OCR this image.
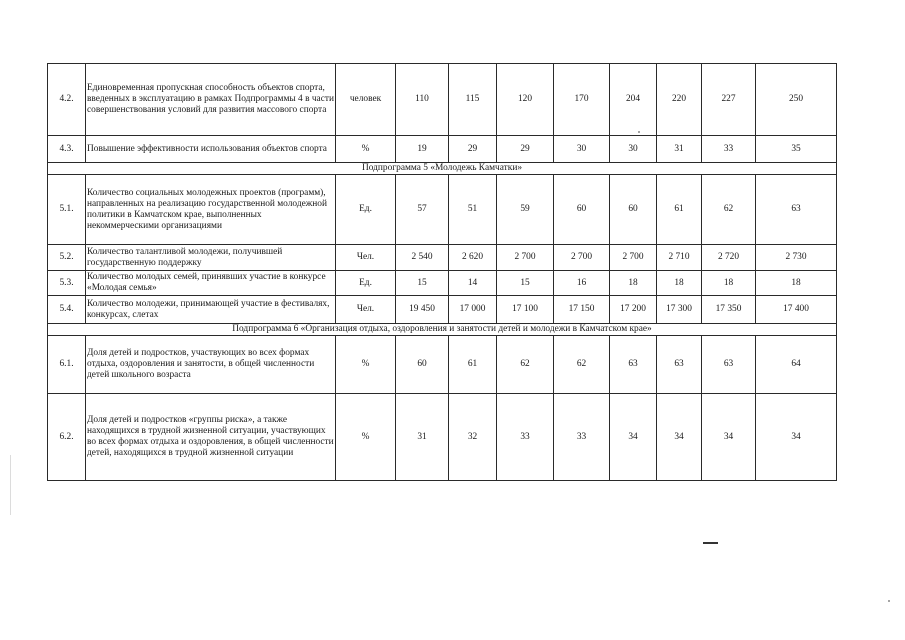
4.2.	Единовременная пропускная способность объектов спорта, введенных в эксплуатацию в рамках Подпрограммы 4 в части совершенствования условий для развития массового спорта	человек	110	115	120	170	204	220	227	250
4.3.	Повышение эффективности использования объектов спорта	%	19	29	29	30	30	31	33	35
Подпрограмма 5 «Молодежь Камчатки»										
5.1.	Количество социальных молодежных проектов (программ), направленных на реализацию государственной молодежной политики в Камчатском крае, выполненных некоммерческими организациями	Ед.	57	51	59	60	60	61	62	63
5.2.	Количество талантливой молодежи, получившей государственную поддержку	Чел.	2 540	2 620	2 700	2 700	2 700	2 710	2 720	2 730
5.3.	Количество молодых семей, принявших участие в конкурсе «Молодая семья»	Ед.	15	14	15	16	18	18	18	18
5.4.	Количество молодежи, принимающей участие в фестивалях, конкурсах, слетах	Чел.	19 450	17 000	17 100	17 150	17 200	17 300	17 350	17 400
Подпрограмма 6 «Организация отдыха, оздоровления и занятости детей и молодежи в Камчатском крае»										
6.1.	Доля детей и подростков, участвующих во всех формах отдыха, оздоровления и занятости, в общей численности детей школьного возраста	%	60	61	62	62	63	63	63	64
6.2.	Доля детей и подростков «группы риска», а также находящихся в трудной жизненной ситуации, участвующих во всех формах отдыха и оздоровления, в общей численности детей, находящихся в трудной жизненной ситуации	%	31	32	33	33	34	34	34	34
